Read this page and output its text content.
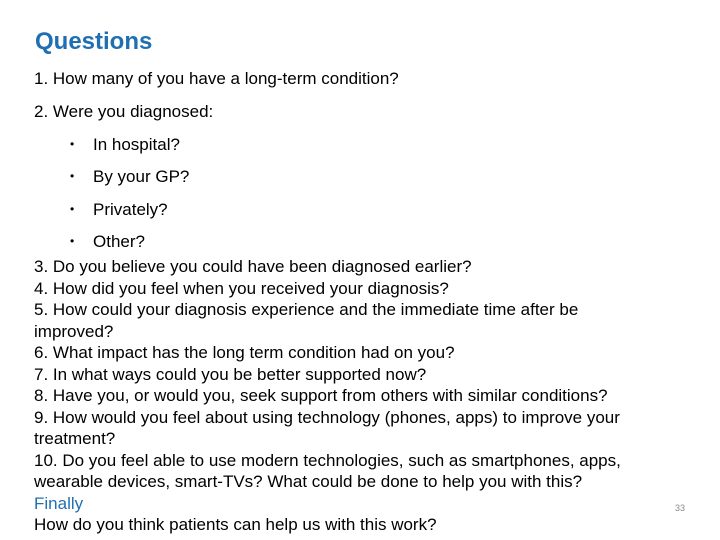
Questions
1. How many of you have a long-term condition?
2. Were you diagnosed:
• In hospital?
• By your GP?
• Privately?
• Other?
3. Do you believe you could have been diagnosed earlier?
4. How did you feel when you received your diagnosis?
5. How could your diagnosis experience and the immediate time after be
improved?
6. What impact has the long term condition had on you?
7. In what ways could you be better supported now?
8. Have you, or would you, seek support from others with similar conditions?
9. How would you feel about using technology (phones, apps) to improve your
treatment?
10. Do you feel able to use modern technologies, such as smartphones, apps,
wearable devices, smart-TVs? What could be done to help you with this?
Finally
How do you think patients can help us with this work?
33
